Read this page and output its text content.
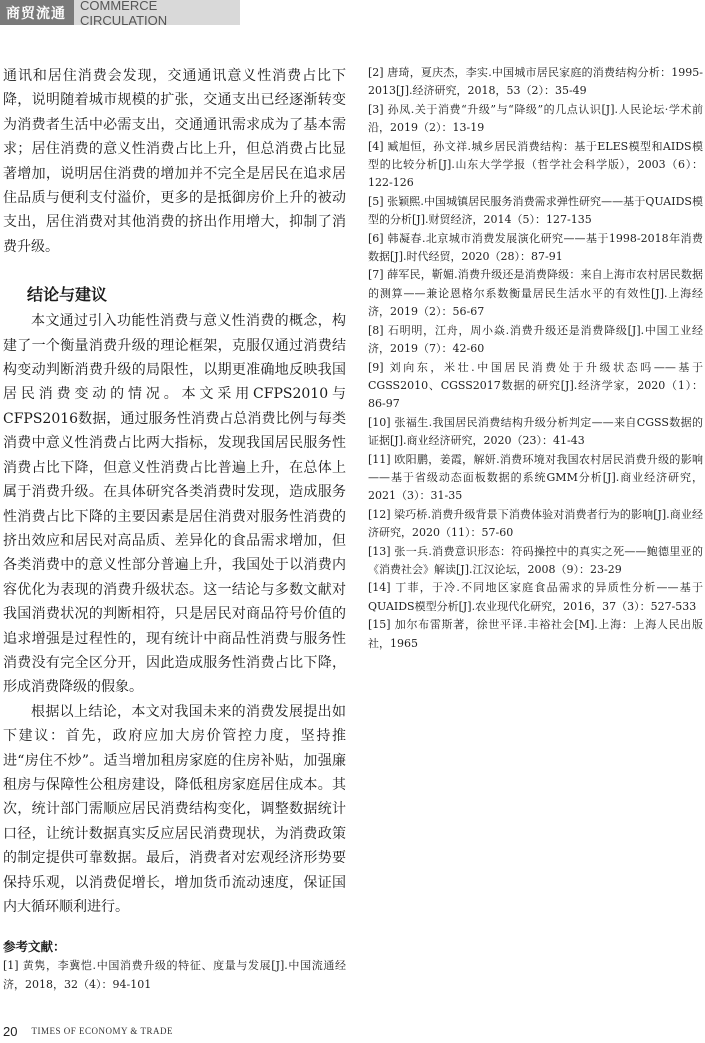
商贸流通
COMMERCE CIRCULATION

通讯和居住消费会发现，交通通讯意义性消费占比下降，说明随着城市规模的扩张，交通支出已经逐渐转变为消费者生活中必需支出，交通通讯需求成为了基本需求；居住消费的意义性消费占比上升，但总消费占比显著增加，说明居住消费的增加并不完全是居民在追求居住品质与便利支付溢价，更多的是抵御房价上升的被动支出，居住消费对其他消费的挤出作用增大，抑制了消费升级。

结论与建议

本文通过引入功能性消费与意义性消费的概念，构建了一个衡量消费升级的理论框架，克服仅通过消费结构变动判断消费升级的局限性，以期更准确地反映我国居民消费变动的情况。本文采用CFPS2010与CFPS2016数据，通过服务性消费占总消费比例与每类消费中意义性消费占比两大指标，发现我国居民服务性消费占比下降，但意义性消费占比普遍上升，在总体上属于消费升级。在具体研究各类消费时发现，造成服务性消费占比下降的主要因素是居住消费对服务性消费的挤出效应和居民对高品质、差异化的食品需求增加，但各类消费中的意义性部分普遍上升，我国处于以消费内容优化为表现的消费升级状态。这一结论与多数文献对我国消费状况的判断相符，只是居民对商品符号价值的追求增强是过程性的，现有统计中商品性消费与服务性消费没有完全区分开，因此造成服务性消费占比下降，形成消费降级的假象。

根据以上结论，本文对我国未来的消费发展提出如下建议：首先，政府应加大房价管控力度，坚持推进“房住不炒”。适当增加租房家庭的住房补贴，加强廉租房与保障性公租房建设，降低租房家庭居住成本。其次，统计部门需顺应居民消费结构变化，调整数据统计口径，让统计数据真实反应居民消费现状，为消费政策的制定提供可靠数据。最后，消费者对宏观经济形势要保持乐观，以消费促增长，增加货币流动速度，保证国内大循环顺利进行。

参考文献：

[1] 黄隽，李冀恺.中国消费升级的特征、度量与发展[J].中国流通经济，2018，32（4）：94-101

[2] 唐琦，夏庆杰，李实.中国城市居民家庭的消费结构分析：1995-2013[J].经济研究，2018，53（2）：35-49

[3] 孙凤.关于消费“升级”与“降级”的几点认识[J].人民论坛·学术前沿，2019（2）：13-19

[4] 臧旭恒，孙文祥.城乡居民消费结构：基于ELES模型和AIDS模型的比较分析[J].山东大学学报（哲学社会科学版），2003（6）：122-126

[5] 张颖熙.中国城镇居民服务消费需求弹性研究——基于QUAIDS模型的分析[J].财贸经济，2014（5）：127-135

[6] 韩凝春.北京城市消费发展演化研究——基于1998-2018年消费数据[J].时代经贸，2020（28）：87-91

[7] 薛军民，靳媚.消费升级还是消费降级：来自上海市农村居民数据的测算——兼论恩格尔系数衡量居民生活水平的有效性[J].上海经济，2019（2）：56-67

[8] 石明明，江舟，周小焱.消费升级还是消费降级[J].中国工业经济，2019（7）：42-60

[9] 刘向东，米壮.中国居民消费处于升级状态吗——基于CGSS2010、CGSS2017数据的研究[J].经济学家，2020（1）：86-97

[10] 张福生.我国居民消费结构升级分析判定——来自CGSS数据的证据[J].商业经济研究，2020（23）：41-43

[11] 欧阳鹏，姜霞，解妍.消费环境对我国农村居民消费升级的影响——基于省级动态面板数据的系统GMM分析[J].商业经济研究，2021（3）：31-35

[12] 梁巧桥.消费升级背景下消费体验对消费者行为的影响[J].商业经济研究，2020（11）：57-60

[13] 张一兵.消费意识形态：符码操控中的真实之死——鲍德里亚的《消费社会》解读[J].江汉论坛，2008（9）：23-29

[14] 丁菲，于冷.不同地区家庭食品需求的异质性分析——基于QUAIDS模型分析[J].农业现代化研究，2016，37（3）：527-533

[15] 加尔布雷斯著，徐世平译.丰裕社会[M].上海：上海人民出版社，1965

20 TIMES OF ECONOMY & TRADE
